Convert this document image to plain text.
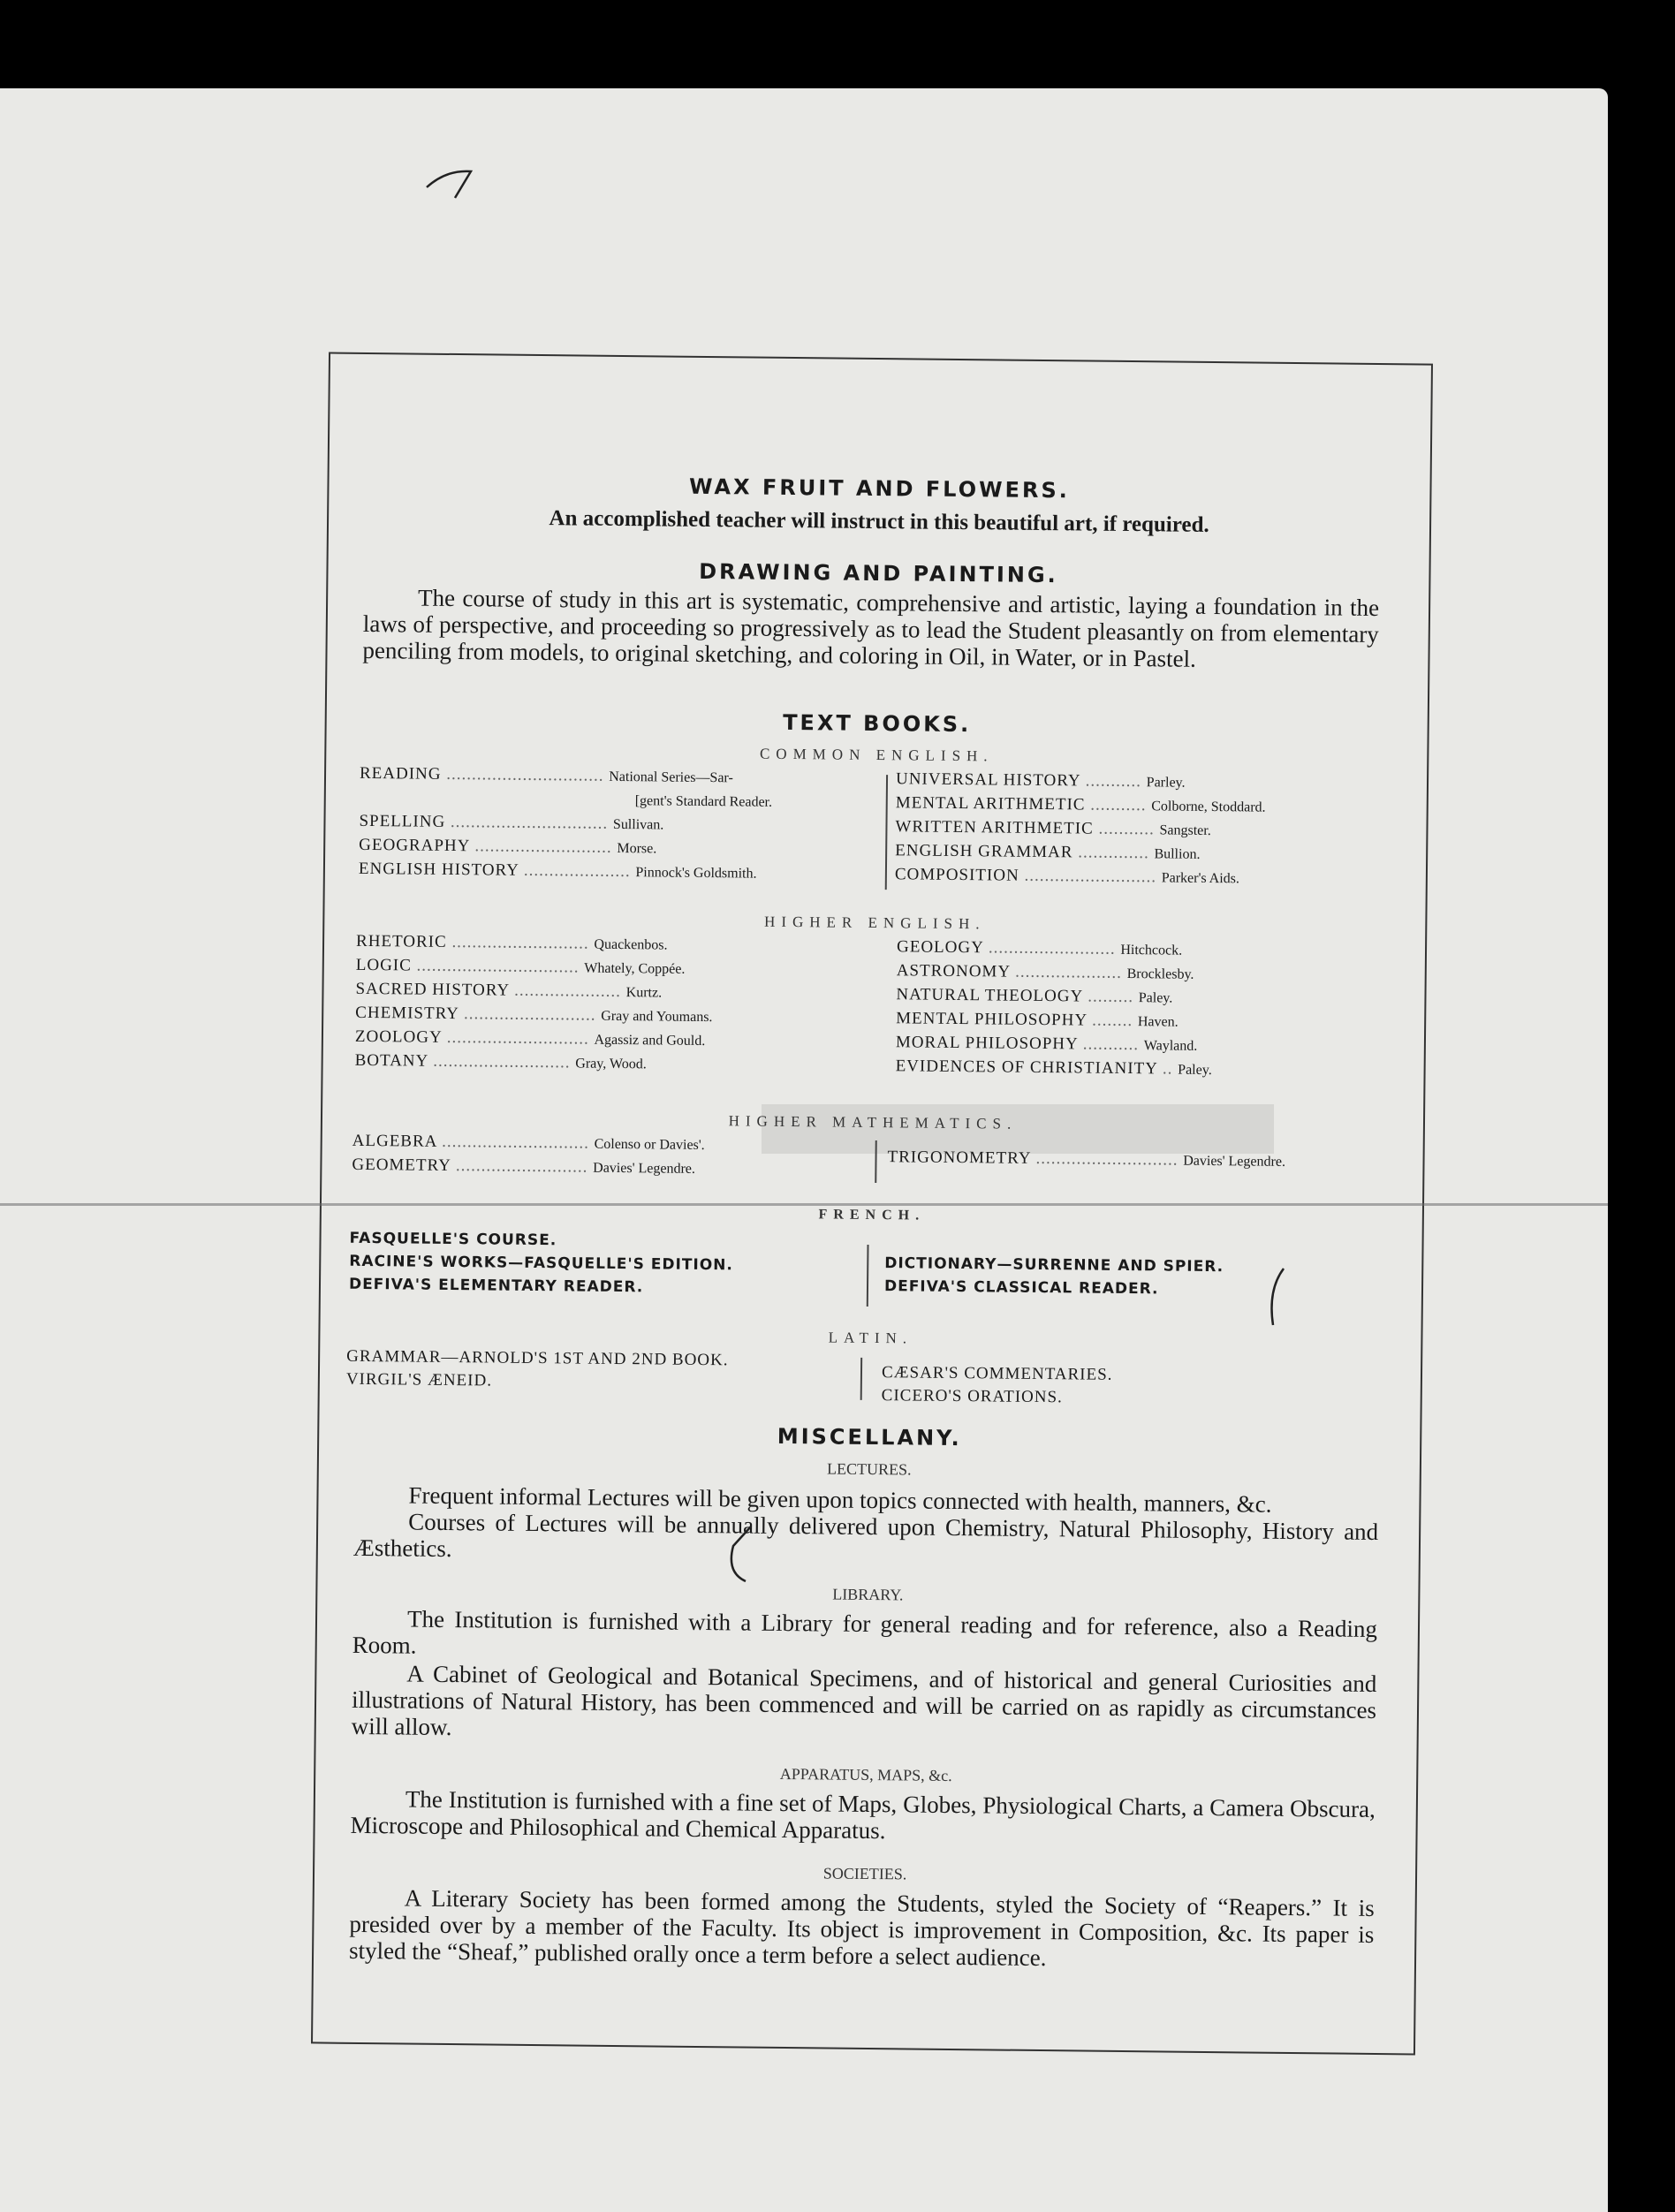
WAX FRUIT AND FLOWERS.
An accomplished teacher will instruct in this beautiful art, if required.
DRAWING AND PAINTING.
The course of study in this art is systematic, comprehensive and artistic, laying a foundation in the laws of perspective, and proceeding so progressively as to lead the Student pleasantly on from elementary penciling from models, to original sketching, and coloring in Oil, in Water, or in Pastel.
TEXT BOOKS.
COMMON ENGLISH.
READING ............................... National Series—Sar-
[gent's Standard Reader.
SPELLING ............................... Sullivan.
GEOGRAPHY ........................... Morse.
ENGLISH HISTORY ..................... Pinnock's Goldsmith.
UNIVERSAL HISTORY ........... Parley.
MENTAL ARITHMETIC ........... Colborne, Stoddard.
WRITTEN ARITHMETIC ........... Sangster.
ENGLISH GRAMMAR .............. Bullion.
COMPOSITION .......................... Parker's Aids.
HIGHER ENGLISH.
RHETORIC ........................... Quackenbos.
LOGIC ................................ Whately, Coppée.
SACRED HISTORY ..................... Kurtz.
CHEMISTRY .......................... Gray and Youmans.
ZOOLOGY ............................ Agassiz and Gould.
BOTANY ........................... Gray, Wood.
GEOLOGY ......................... Hitchcock.
ASTRONOMY ..................... Brocklesby.
NATURAL THEOLOGY ......... Paley.
MENTAL PHILOSOPHY ........ Haven.
MORAL PHILOSOPHY ........... Wayland.
EVIDENCES OF CHRISTIANITY .. Paley.
HIGHER MATHEMATICS.
ALGEBRA ............................. Colenso or Davies'.
GEOMETRY .......................... Davies' Legendre.
TRIGONOMETRY ............................ Davies' Legendre.
FRENCH.
FASQUELLE'S COURSE.
RACINE'S WORKS—FASQUELLE'S EDITION.
DEFIVA'S ELEMENTARY READER.
DICTIONARY—SURRENNE AND SPIER.
DEFIVA'S CLASSICAL READER.
LATIN.
GRAMMAR—ARNOLD'S 1ST AND 2ND BOOK.
VIRGIL'S ÆNEID.	CÆSAR'S COMMENTARIES.
CICERO'S ORATIONS.
MISCELLANY.
LECTURES.
Frequent informal Lectures will be given upon topics connected with health, manners, &c.
Courses of Lectures will be annually delivered upon Chemistry, Natural Philosophy, History and Æsthetics.
LIBRARY.
The Institution is furnished with a Library for general reading and for reference, also a Reading Room.
A Cabinet of Geological and Botanical Specimens, and of historical and general Curiosities and illustrations of Natural History, has been commenced and will be carried on as rapidly as circumstances will allow.
APPARATUS, MAPS, &c.
The Institution is furnished with a fine set of Maps, Globes, Physiological Charts, a Camera Obscura, Microscope and Philosophical and Chemical Apparatus.
SOCIETIES.
A Literary Society has been formed among the Students, styled the Society of “Reapers.” It is presided over by a member of the Faculty. Its object is improvement in Composition, &c. Its paper is styled the “Sheaf,” published orally once a term before a select audience.
